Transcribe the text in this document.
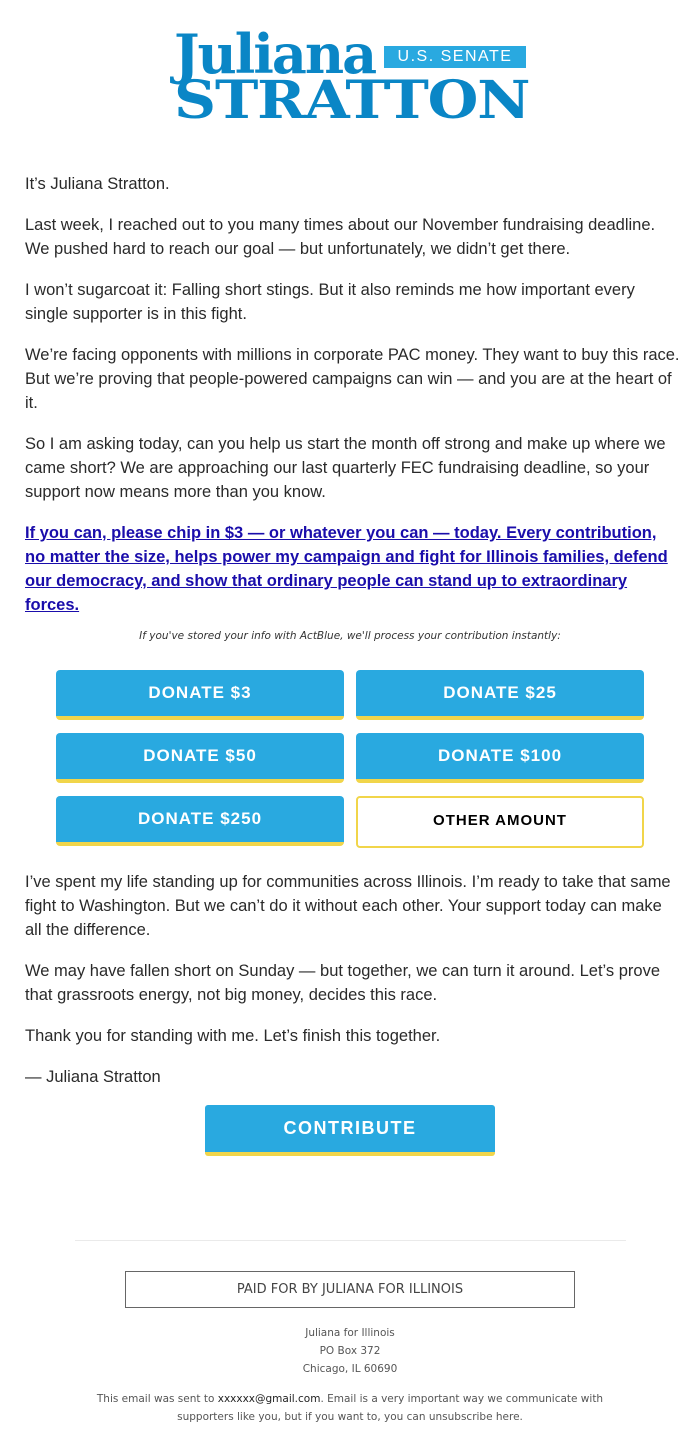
Juliana	U.S. SENATE
STRATTON

It’s Juliana Stratton.

Last week, I reached out to you many times about our November fundraising deadline. We pushed hard to reach our goal — but unfortunately, we didn’t get there.

I won’t sugarcoat it: Falling short stings. But it also reminds me how important every single supporter is in this fight.

We’re facing opponents with millions in corporate PAC money. They want to buy this race. But we’re proving that people-powered campaigns can win — and you are at the heart of it.

So I am asking today, can you help us start the month off strong and make up where we came short? We are approaching our last quarterly FEC fundraising deadline, so your support now means more than you know.

If you can, please chip in $3 — or whatever you can — today. Every contribution, no matter the size, helps power my campaign and fight for Illinois families, defend our democracy, and show that ordinary people can stand up to extraordinary forces.

If you've stored your info with ActBlue, we'll process your contribution instantly:
DONATE $3	DONATE $25
DONATE $50	DONATE $100
DONATE $250	OTHER AMOUNT

I’ve spent my life standing up for communities across Illinois. I’m ready to take that same fight to Washington. But we can’t do it without each other. Your support today can make all the difference.

We may have fallen short on Sunday — but together, we can turn it around. Let’s prove that grassroots energy, not big money, decides this race.

Thank you for standing with me. Let’s finish this together.

— Juliana Stratton

CONTRIBUTE
PAID FOR BY JULIANA FOR ILLINOIS
Juliana for Illinois
PO Box 372
Chicago, IL 60690
This email was sent to xxxxxx@gmail.com. Email is a very important way we communicate with supporters like you, but if you want to, you can unsubscribe here.
